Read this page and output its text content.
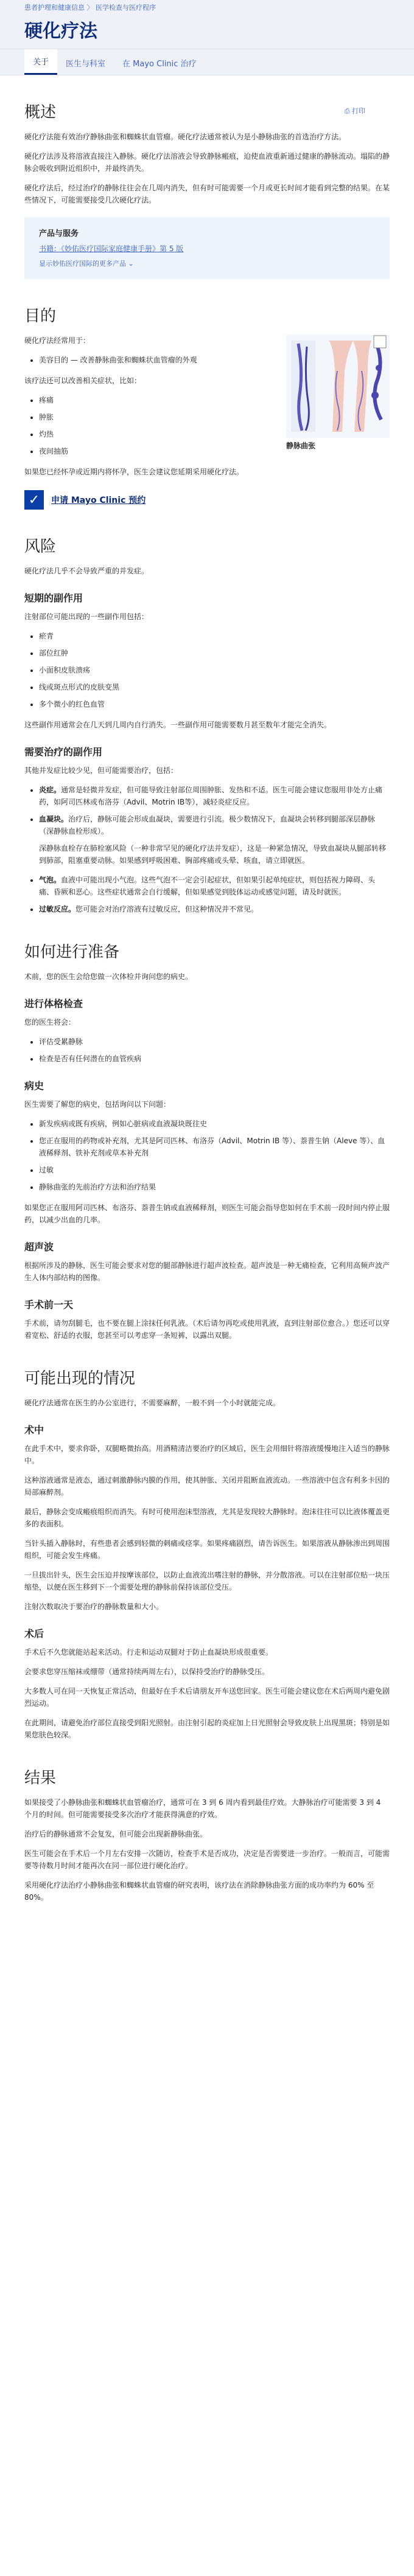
患者护理和健康信息 〉 医学检查与医疗程序
硬化疗法
关于	医生与科室	在 Mayo Clinic 治疗
概述	⎙ 打印

硬化疗法能有效治疗静脉曲张和蜘蛛状血管瘤。硬化疗法通常被认为是小静脉曲张的首选治疗方法。

硬化疗法涉及将溶液直接注入静脉。硬化疗法溶液会导致静脉瘢痕，迫使血液重新通过健康的静脉流动。塌陷的静脉会吸收到附近组织中，并最终消失。

硬化疗法后，经过治疗的静脉往往会在几周内消失，但有时可能需要一个月或更长时间才能看到完整的结果。在某些情况下，可能需要接受几次硬化疗法。

产品与服务
书籍：《妙佑医疗国际家庭健康手册》第 5 版
显示妙佑医疗国际的更多产品 ⌄
目的

硬化疗法经常用于：

• 美容目的 — 改善静脉曲张和蜘蛛状血管瘤的外观

该疗法还可以改善相关症状，比如：

• 疼痛
• 肿胀
• 灼热
• 夜间抽筋
静脉曲张

如果您已经怀孕或近期内将怀孕，医生会建议您延期采用硬化疗法。

✓	申请 Mayo Clinic 预约
风险

硬化疗法几乎不会导致严重的并发症。

短期的副作用

注射部位可能出现的一些副作用包括：

• 瘀青
• 部位红肿
• 小面积皮肤溃疡
• 线或斑点形式的皮肤变黑
• 多个微小的红色血管

这些副作用通常会在几天到几周内自行消失。一些副作用可能需要数月甚至数年才能完全消失。

需要治疗的副作用

其他并发症比较少见，但可能需要治疗，包括：

• 炎症。通常是轻微并发症，但可能导致注射部位周围肿胀、发热和不适。医生可能会建议您服用非处方止痛药，如阿司匹林或布洛芬（Advil、Motrin IB等），减轻炎症反应。
• 血凝块。治疗后，静脉可能会形成血凝块，需要进行引流。极少数情况下，血凝块会转移到腿部深层静脉（深静脉血栓形成）。

深静脉血栓存在肺栓塞风险（一种非常罕见的硬化疗法并发症），这是一种紧急情况，导致血凝块从腿部转移到肺部，阻塞重要动脉。如果感到呼吸困难、胸部疼痛或头晕、咳血，请立即就医。

• 气泡。血液中可能出现小气泡。这些气泡不一定会引起症状，但如果引起单纯症状，则包括视力障碍、头痛、昏厥和恶心。这些症状通常会自行缓解，但如果感觉到肢体运动或感觉问题，请及时就医。
• 过敏反应。您可能会对治疗溶液有过敏反应，但这种情况并不常见。
如何进行准备

术前，您的医生会给您做一次体检并询问您的病史。

进行体格检查

您的医生将会：

• 评估受累静脉
• 检查是否有任何潜在的血管疾病
病史

医生需要了解您的病史，包括询问以下问题：

• 新发疾病或既有疾病，例如心脏病或血液凝块既往史
• 您正在服用的药物或补充剂，尤其是阿司匹林、布洛芬（Advil、Motrin IB 等）、萘普生钠（Aleve 等）、血液稀释剂、铁补充剂或草本补充剂
• 过敏
• 静脉曲张的先前治疗方法和治疗结果

如果您正在服用阿司匹林、布洛芬、萘普生钠或血液稀释剂，则医生可能会指导您如何在手术前一段时间内停止服药，以减少出血的几率。

超声波

根据所涉及的静脉，医生可能会要求对您的腿部静脉进行超声波检查。超声波是一种无痛检查，它利用高频声波产生人体内部结构的图像。

手术前一天

手术前，请勿刮腿毛，也不要在腿上涂抹任何乳液。（术后请勿再吃或使用乳液，直到注射部位愈合。）您还可以穿着宽松、舒适的衣服，您甚至可以考虑穿一条短裤，以露出双腿。

可能出现的情况

硬化疗法通常在医生的办公室进行，不需要麻醉，一般不到一个小时就能完成。

术中

在此手术中，要求你卧，双腿略微抬高。用酒精清洁要治疗的区域后，医生会用细针将溶液缓慢地注入适当的静脉中。

这种溶液通常是液态，通过刺激静脉内膜的作用，使其肿胀、关闭并阻断血液流动。一些溶液中包含有利多卡因的局部麻醉剂。

最后，静脉会变成瘢痕组织而消失。有时可使用泡沫型溶液，尤其是发现较大静脉时。泡沫往往可以比液体覆盖更多的表面积。

当针头插入静脉时，有些患者会感到轻微的刺痛或痉挛。如果疼痛剧烈，请告诉医生。如果溶液从静脉渗出到周围组织，可能会发生疼痛。

一旦拔出针头，医生会压迫并按摩该部位，以防止血液流出嗜注射的静脉，并分散溶液。可以在注射部位贴一块压缩垫，以便在医生移到下一个需要处理的静脉前保持该部位受压。

注射次数取决于要治疗的静脉数量和大小。

术后

手术后不久您就能站起来活动。行走和运动双腿对于防止血凝块形成很重要。

会要求您穿压缩袜或绷带（通常持续两周左右），以保持受治疗的静脉受压。

大多数人可在同一天恢复正常活动，但最好在手术后请朋友开车送您回家。医生可能会建议您在术后两周内避免剧烈运动。

在此期间，请避免治疗部位直接受到阳光照射。由注射引起的炎症加上日光照射会导致皮肤上出现黑斑；特别是如果您肤色较深。

结果

如果接受了小静脉曲张和蜘蛛状血管瘤治疗，通常可在 3 到 6 周内看到最佳疗效。大静脉治疗可能需要 3 到 4 个月的时间。但可能需要接受多次治疗才能获得满意的疗效。

治疗后的静脉通常不会复发，但可能会出现新静脉曲张。

医生可能会在手术后一个月左右安排一次随访，检查手术是否成功，决定是否需要进一步治疗。一般而言，可能需要等待数月时间才能再次在同一部位进行硬化治疗。

采用硬化疗法治疗小静脉曲张和蜘蛛状血管瘤的研究表明，该疗法在消除静脉曲张方面的成功率约为 60% 至 80%。
